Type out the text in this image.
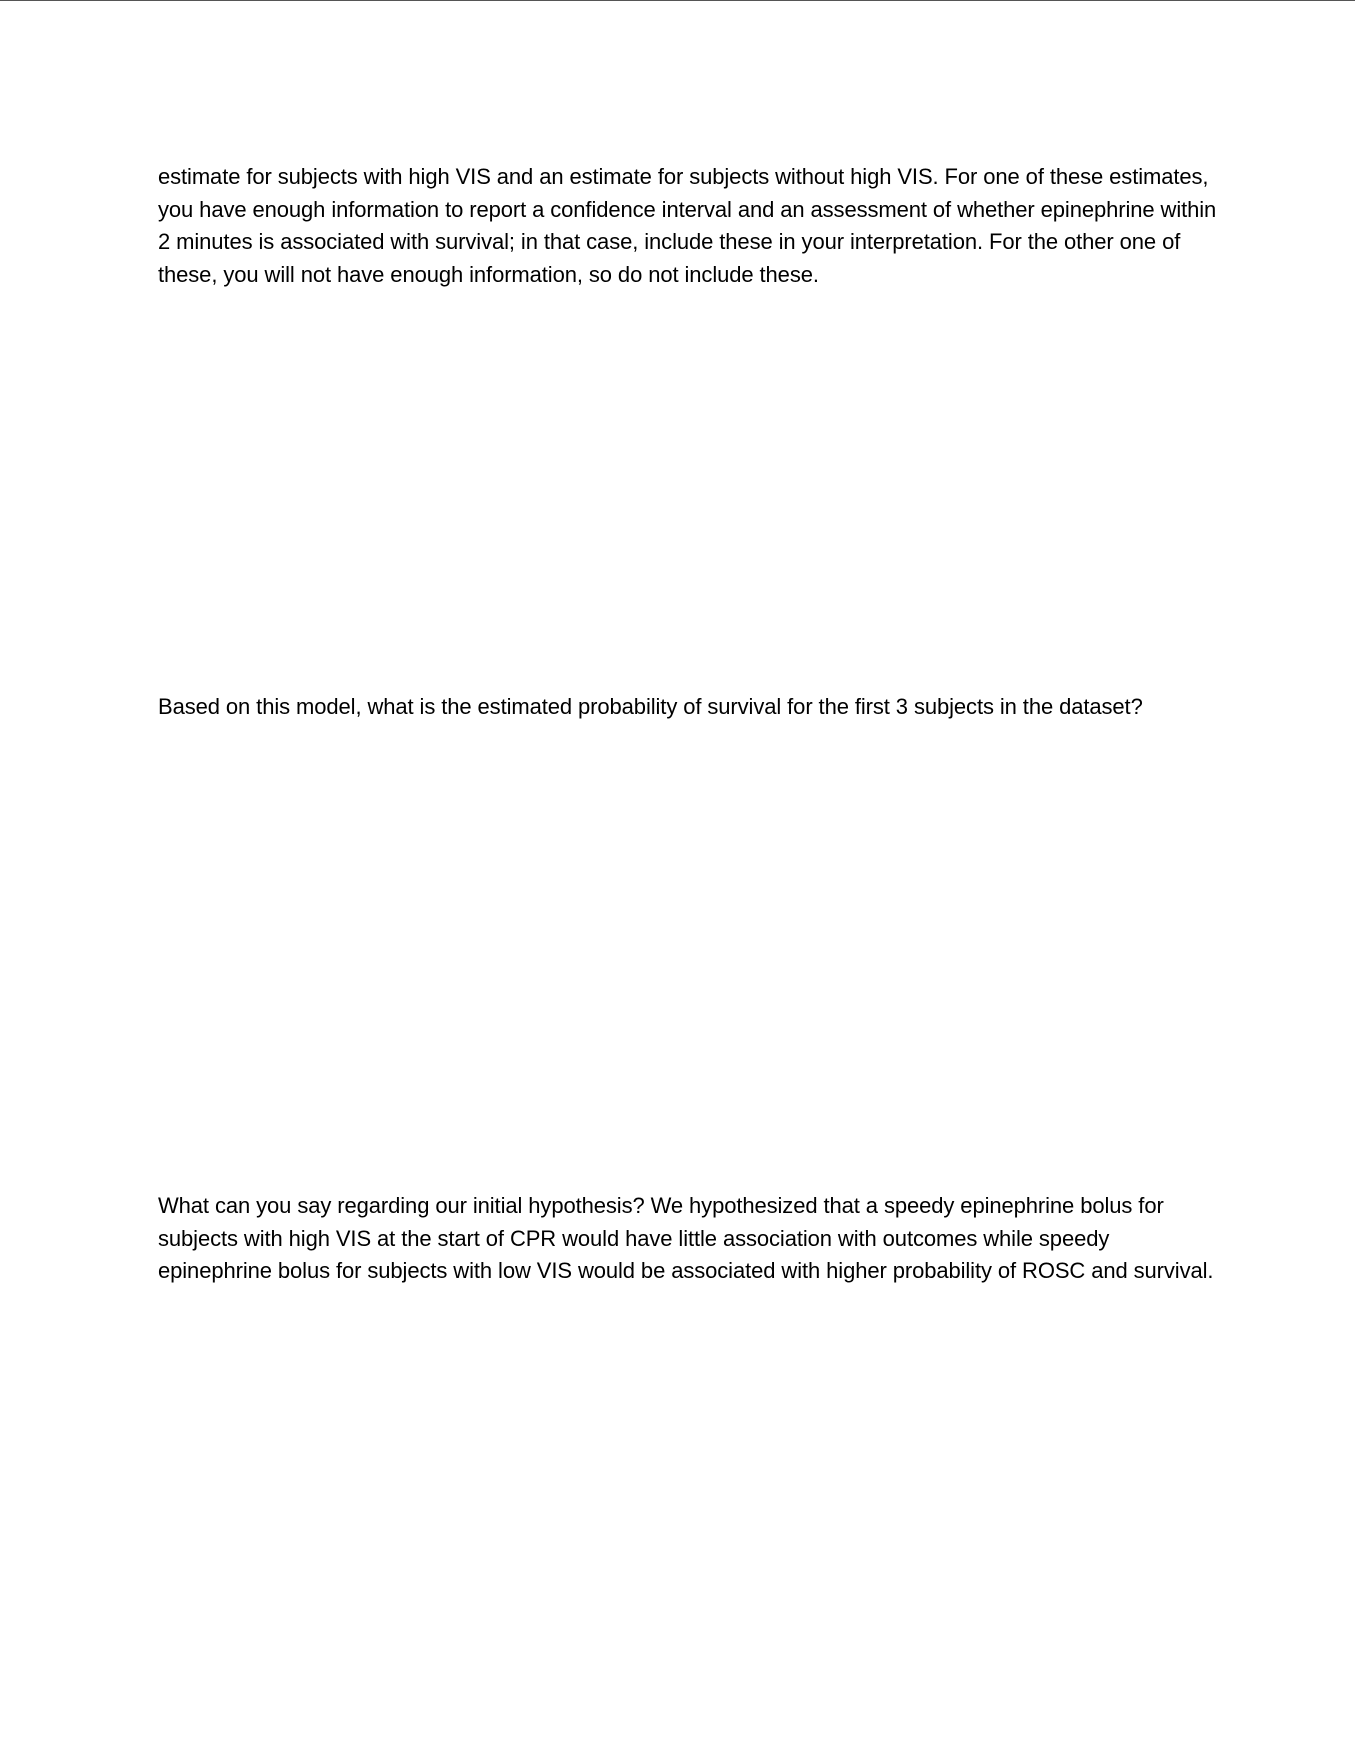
estimate for subjects with high VIS and an estimate for subjects without high VIS. For one of these estimates, you have enough information to report a confidence interval and an assessment of whether epinephrine within 2 minutes is associated with survival; in that case, include these in your interpretation. For the other one of these, you will not have enough information, so do not include these.

Based on this model, what is the estimated probability of survival for the first 3 subjects in the dataset?

What can you say regarding our initial hypothesis? We hypothesized that a speedy epinephrine bolus for subjects with high VIS at the start of CPR would have little association with outcomes while speedy epinephrine bolus for subjects with low VIS would be associated with higher probability of ROSC and survival.
